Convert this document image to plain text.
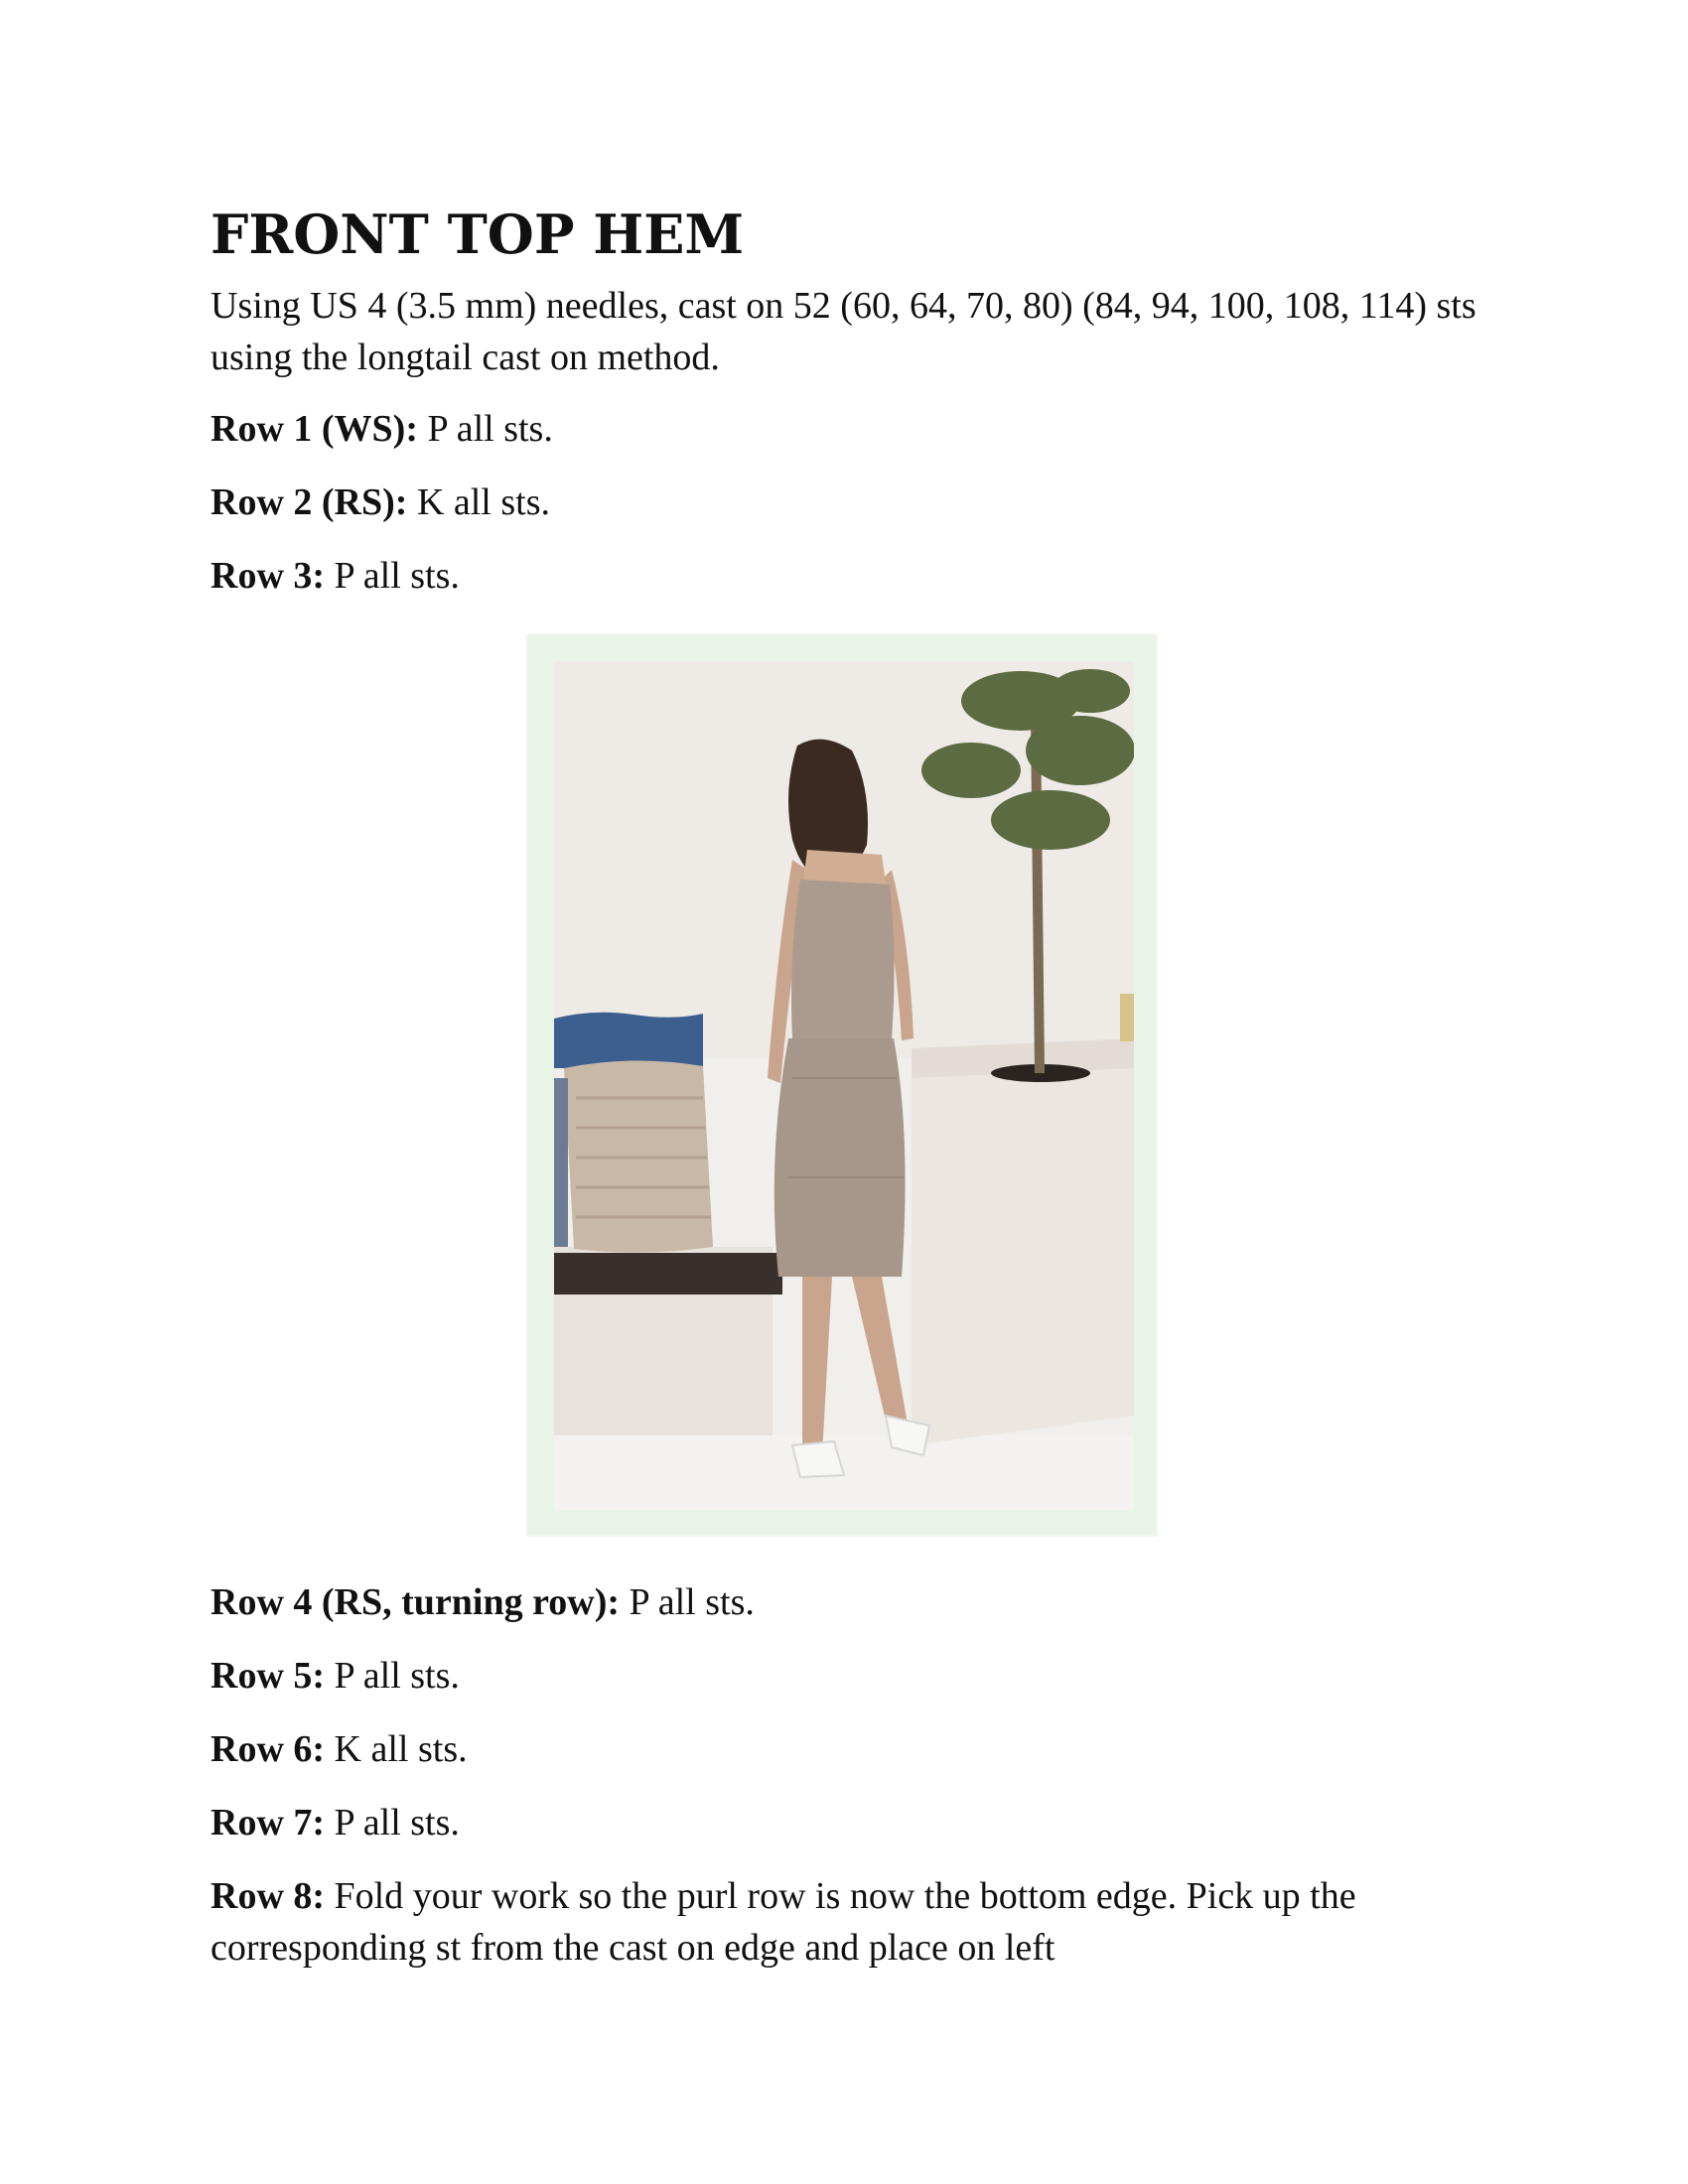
FRONT TOP HEM

Using US 4 (3.5 mm) needles, cast on 52 (60, 64, 70, 80) (84, 94, 100, 108, 114) sts using the longtail cast on method.

Row 1 (WS): P all sts.

Row 2 (RS): K all sts.

Row 3: P all sts.

Row 4 (RS, turning row): P all sts.

Row 5: P all sts.

Row 6: K all sts.

Row 7: P all sts.

Row 8: Fold your work so the purl row is now the bottom edge. Pick up the corresponding st from the cast on edge and place on left
